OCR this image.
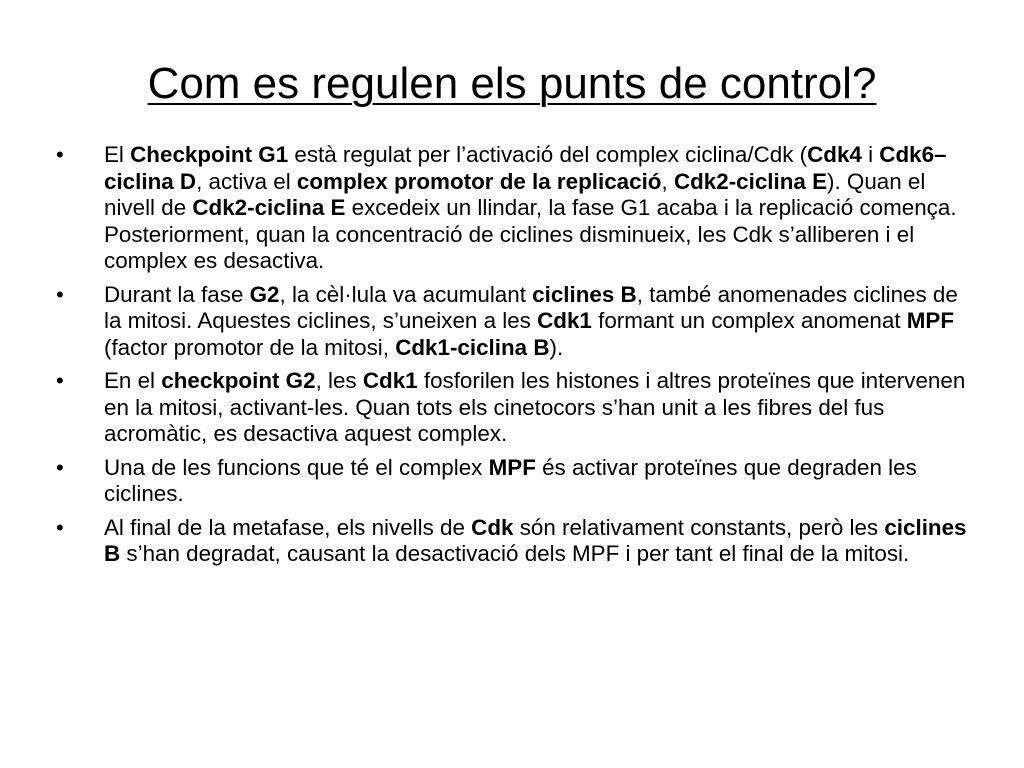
Com es regulen els punts de control?
•	El Checkpoint G1 està regulat per l’activació del complex ciclina/Cdk (Cdk4 i Cdk6–ciclina D, activa el complex promotor de la replicació, Cdk2-ciclina E). Quan el nivell de Cdk2-ciclina E excedeix un llindar, la fase G1 acaba i la replicació comença. Posteriorment, quan la concentració de ciclines disminueix, les Cdk s’alliberen i el complex es desactiva.
•	Durant la fase G2, la cèl·lula va acumulant ciclines B, també anomenades ciclines de la mitosi. Aquestes ciclines, s’uneixen a les Cdk1 formant un complex anomenat MPF (factor promotor de la mitosi, Cdk1-ciclina B).
•	En el checkpoint G2, les Cdk1 fosforilen les histones i altres proteïnes que intervenen en la mitosi, activant-les. Quan tots els cinetocors s’han unit a les fibres del fus acromàtic, es desactiva aquest complex.
•	Una de les funcions que té el complex MPF és activar proteïnes que degraden les ciclines.
•	Al final de la metafase, els nivells de Cdk són relativament constants, però les ciclines B s’han degradat, causant la desactivació dels MPF i per tant el final de la mitosi.
